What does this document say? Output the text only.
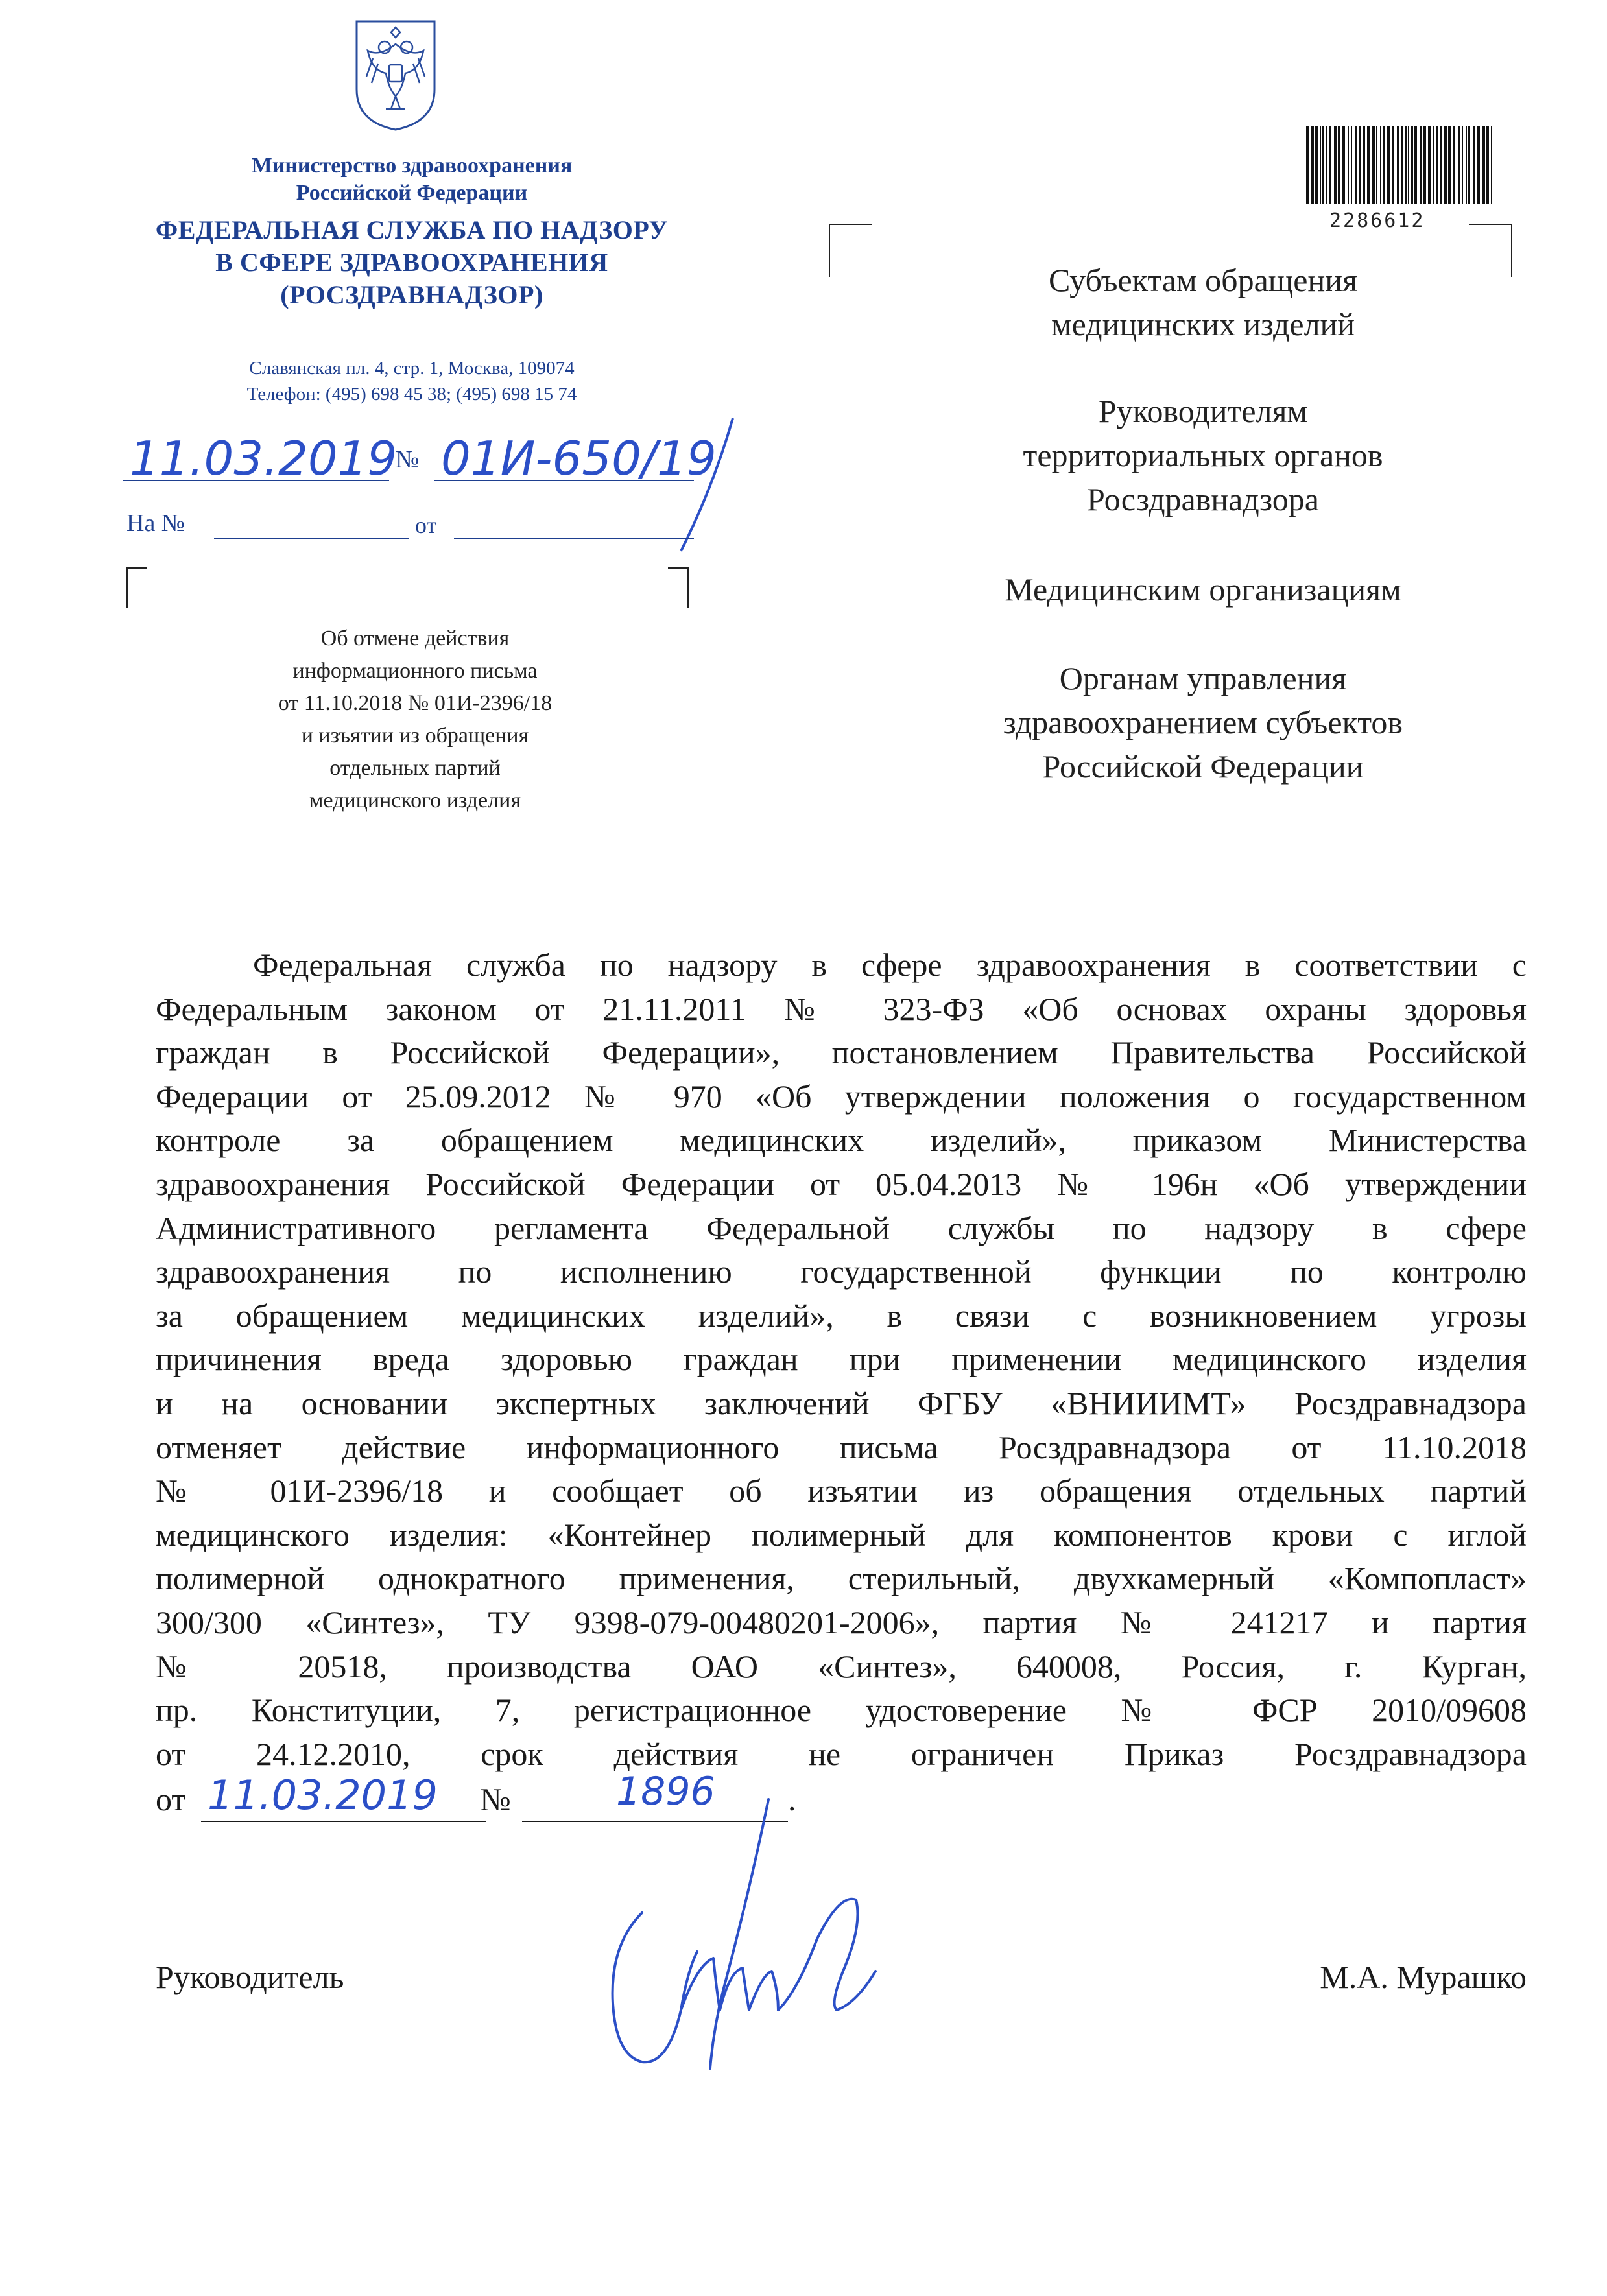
Министерство здравоохранения
Российской Федерации
ФЕДЕРАЛЬНАЯ СЛУЖБА ПО НАДЗОРУ
В СФЕРЕ ЗДРАВООХРАНЕНИЯ
(РОСЗДРАВНАДЗОР)
Славянская пл. 4, стр. 1, Москва, 109074
Телефон: (495) 698 45 38; (495) 698 15 74
11.03.2019
№ 01И-650/19
На №	от
Об отмене действия
информационного письма
от 11.10.2018 № 01И-2396/18
и изъятии из обращения
отдельных партий
медицинского изделия
2286612
Субъектам обращения
медицинских изделий
Руководителям
территориальных органов
Росздравнадзора
Медицинским организациям
Органам управления
здравоохранением субъектов
Российской Федерации
Федеральная служба по надзору в сфере здравоохранения в соответствии с
Федеральным законом от 21.11.2011 № 323-ФЗ «Об основах охраны здоровья
граждан в Российской Федерации», постановлением Правительства Российской
Федерации от 25.09.2012 № 970 «Об утверждении положения о государственном
контроле за обращением медицинских изделий», приказом Министерства
здравоохранения Российской Федерации от 05.04.2013 № 196н «Об утверждении
Административного регламента Федеральной службы по надзору в сфере
здравоохранения по исполнению государственной функции по контролю
за обращением медицинских изделий», в связи с возникновением угрозы
причинения вреда здоровью граждан при применении медицинского изделия
и на основании экспертных заключений ФГБУ «ВНИИИМТ» Росздравнадзора
отменяет действие информационного письма Росздравнадзора от 11.10.2018
№ 01И-2396/18 и сообщает об изъятии из обращения отдельных партий
медицинского изделия: «Контейнер полимерный для компонентов крови с иглой
полимерной однократного применения, стерильный, двухкамерный «Компопласт»
300/300 «Синтез», ТУ 9398-079-00480201-2006», партия № 241217 и партия
№ 20518, производства ОАО «Синтез», 640008, Россия, г. Курган,
пр. Конституции, 7, регистрационное удостоверение № ФСР 2010/09608
от 24.12.2010, срок действия не ограничен Приказ Росздравнадзора
от 11.03.2019 №	1896 .
Руководитель	М.А. Мурашко
